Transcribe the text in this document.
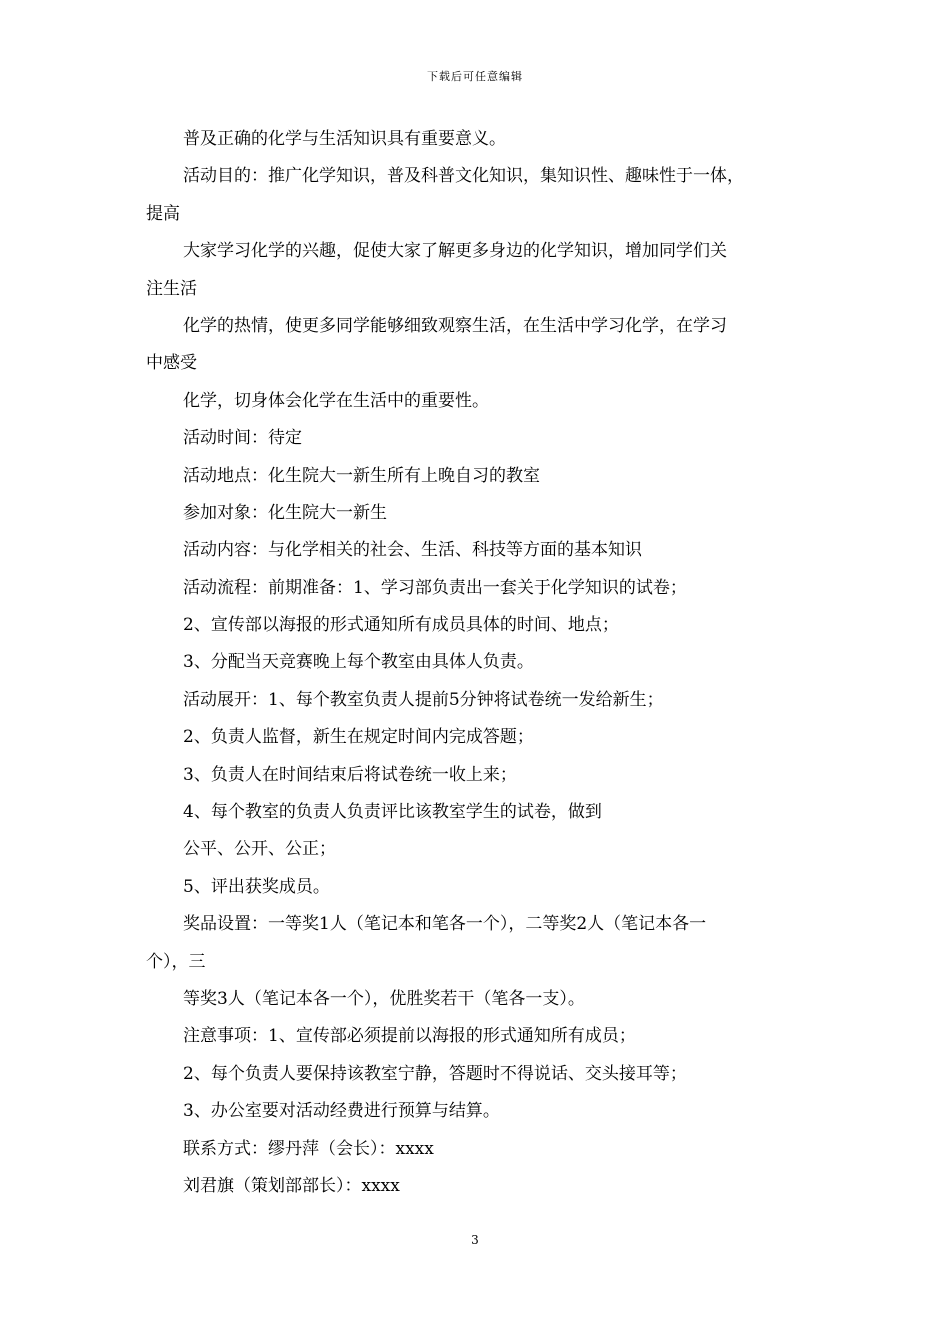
下载后可任意编辑
普及正确的化学与生活知识具有重要意义。
活动目的：推广化学知识，普及科普文化知识，集知识性、趣味性于一体，
提高
大家学习化学的兴趣，促使大家了解更多身边的化学知识，增加同学们关
注生活
化学的热情，使更多同学能够细致观察生活，在生活中学习化学，在学习
中感受
化学，切身体会化学在生活中的重要性。
活动时间：待定
活动地点：化生院大一新生所有上晚自习的教室
参加对象：化生院大一新生
活动内容：与化学相关的社会、生活、科技等方面的基本知识
活动流程：前期准备：1、学习部负责出一套关于化学知识的试卷；
2、宣传部以海报的形式通知所有成员具体的时间、地点；
3、分配当天竞赛晚上每个教室由具体人负责。
活动展开：1、每个教室负责人提前5分钟将试卷统一发给新生；
2、负责人监督，新生在规定时间内完成答题；
3、负责人在时间结束后将试卷统一收上来；
4、每个教室的负责人负责评比该教室学生的试卷，做到
公平、公开、公正；
5、评出获奖成员。
奖品设置：一等奖1人（笔记本和笔各一个），二等奖2人（笔记本各一
个），三
等奖3人（笔记本各一个），优胜奖若干（笔各一支）。
注意事项：1、宣传部必须提前以海报的形式通知所有成员；
2、每个负责人要保持该教室宁静，答题时不得说话、交头接耳等；
3、办公室要对活动经费进行预算与结算。
联系方式：缪丹萍（会长）：xxxx
刘君旗（策划部部长）：xxxx
3
